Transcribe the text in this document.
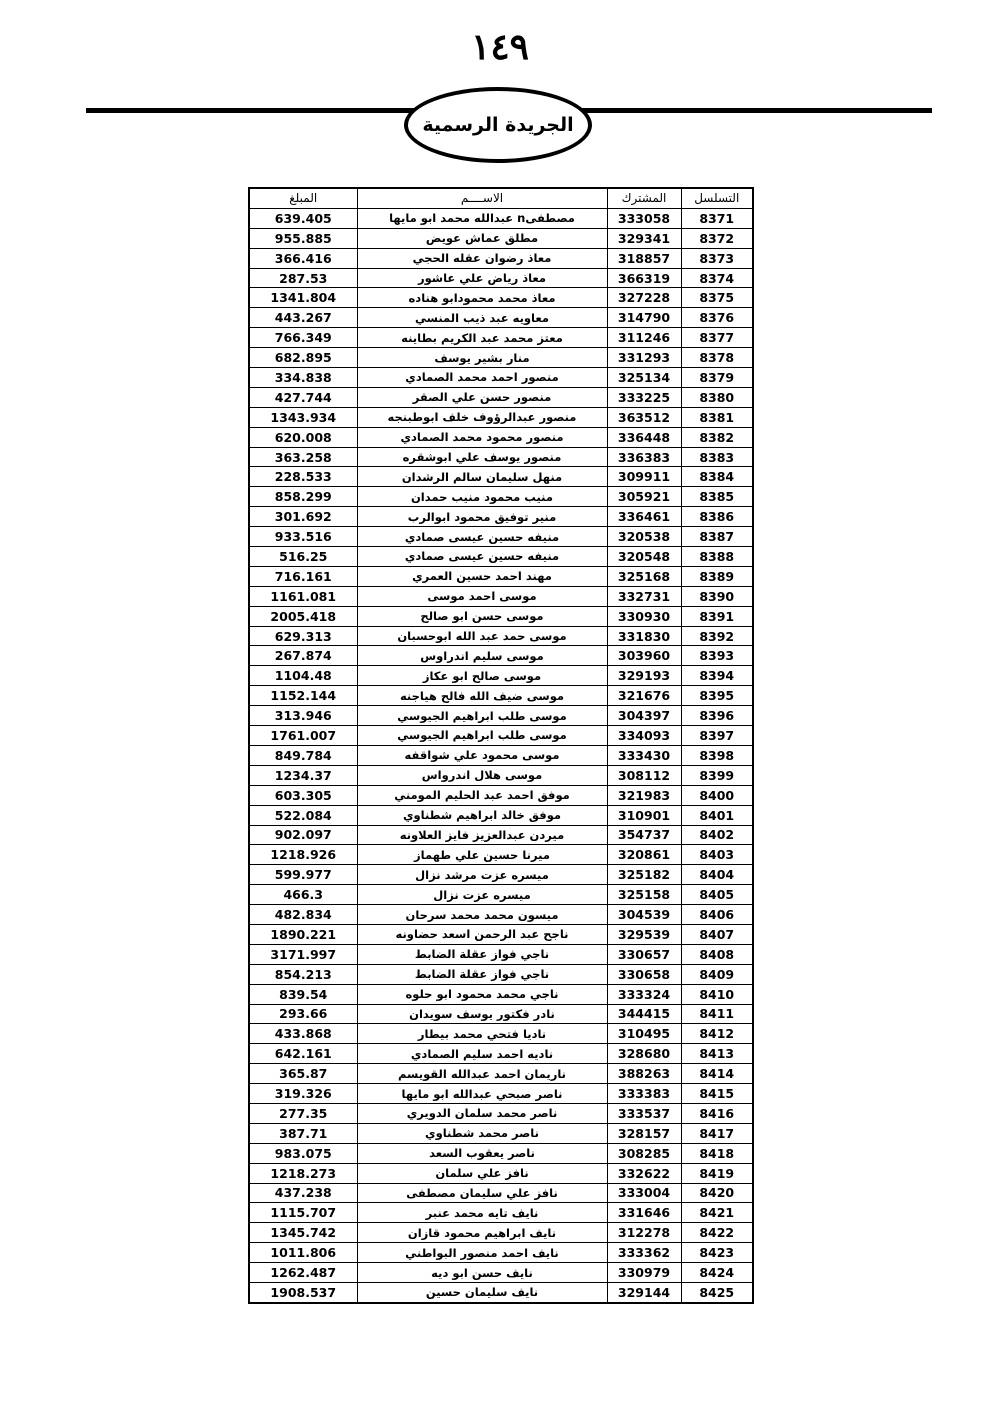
١٤٩
الجريدة الرسمية
التسلسل	المشترك	الاســــم	المبلغ
8371	333058	مصطفىn عبدالله محمد ابو مايها	639.405
8372	329341	مطلق عماش عويض	955.885
8373	318857	معاذ رضوان عقله الحجي	366.416
8374	366319	معاذ رياض علي عاشور	287.53
8375	327228	معاذ محمد محمودابو هناده	1341.804
8376	314790	معاويه عبد ذيب المنسي	443.267
8377	311246	معتز محمد عبد الكريم بطاينه	766.349
8378	331293	منار بشير يوسف	682.895
8379	325134	منصور احمد محمد الصمادي	334.838
8380	333225	منصور حسن علي الصقر	427.744
8381	363512	منصور عبدالرؤوف خلف ابوطبنجه	1343.934
8382	336448	منصور محمود محمد الصمادي	620.008
8383	336383	منصور يوسف علي ابوشقره	363.258
8384	309911	منهل سليمان سالم الرشدان	228.533
8385	305921	منيب محمود منيب حمدان	858.299
8386	336461	منير توفيق محمود ابوالرب	301.692
8387	320538	منيفه حسين عيسى صمادي	933.516
8388	320548	منيفه حسين عيسى صمادي	516.25
8389	325168	مهند احمد حسين العمري	716.161
8390	332731	موسى احمد موسى	1161.081
8391	330930	موسى حسن ابو صالح	2005.418
8392	331830	موسى حمد عبد الله ابوحسبان	629.313
8393	303960	موسى سليم اندراوس	267.874
8394	329193	موسى صالح ابو عكاز	1104.48
8395	321676	موسى ضيف الله فالح هياجنه	1152.144
8396	304397	موسى طلب ابراهيم الجيوسي	313.946
8397	334093	موسى طلب ابراهيم الجيوسي	1761.007
8398	333430	موسى محمود علي شواقفه	849.784
8399	308112	موسى هلال اندرواس	1234.37
8400	321983	موفق احمد عبد الحليم المومني	603.305
8401	310901	موفق خالد ابراهيم شطناوي	522.084
8402	354737	ميردن عبدالعزيز فايز العلاونه	902.097
8403	320861	ميرنا حسين علي طهماز	1218.926
8404	325182	ميسره عزت مرشد نزال	599.977
8405	325158	ميسره عزت نزال	466.3
8406	304539	ميسون محمد محمد سرحان	482.834
8407	329539	ناجح عبد الرحمن اسعد حضاونه	1890.221
8408	330657	ناجي فواز عقلة الضابط	3171.997
8409	330658	ناجي فواز عقلة الضابط	854.213
8410	333324	ناجي محمد محمود ابو حلوه	839.54
8411	344415	نادر فكتور يوسف سويدان	293.66
8412	310495	ناديا فتحي محمد بيطار	433.868
8413	328680	ناديه احمد سليم الصمادي	642.161
8414	388263	ناريمان احمد عبدالله القويسم	365.87
8415	333383	ناصر صبحي عبدالله ابو مايها	319.326
8416	333537	ناصر محمد سلمان الدويري	277.35
8417	328157	ناصر محمد شطناوي	387.71
8418	308285	ناصر يعقوب السعد	983.075
8419	332622	نافز علي سلمان	1218.273
8420	333004	نافز علي سليمان مصطفى	437.238
8421	331646	نايف تايه محمد عنبر	1115.707
8422	312278	نايف ابراهيم محمود قازان	1345.742
8423	333362	نايف احمد منصور البواطني	1011.806
8424	330979	نايف حسن ابو ديه	1262.487
8425	329144	نايف سليمان حسين	1908.537
